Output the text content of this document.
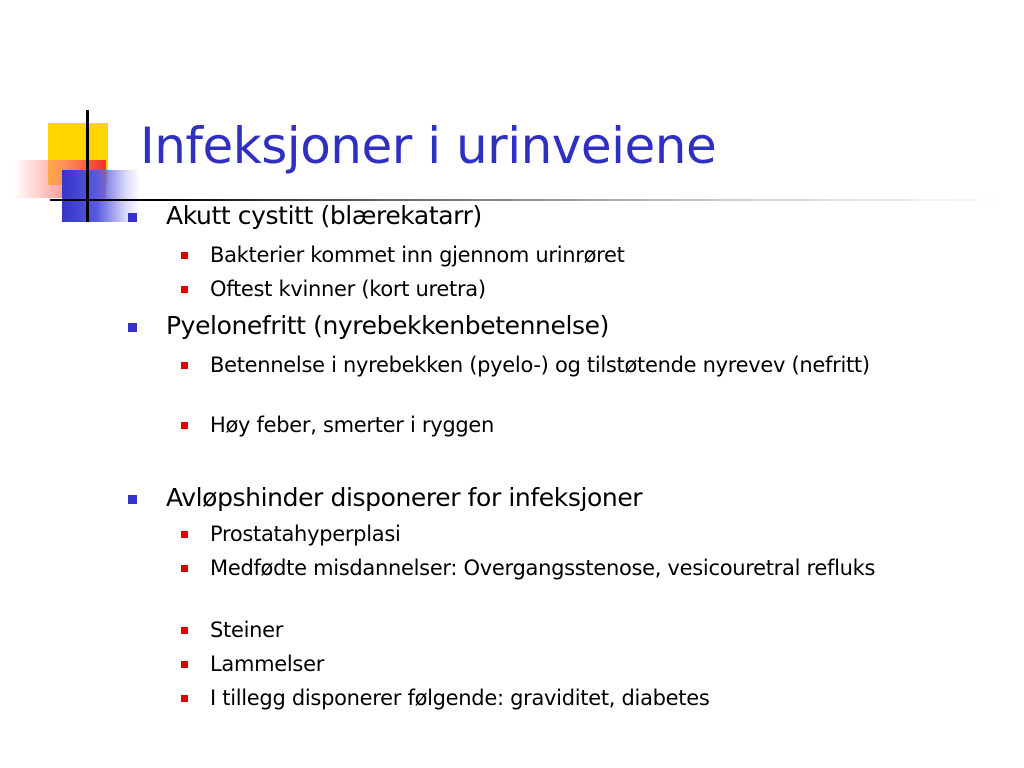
Infeksjoner i urinveiene
Akutt cystitt (blærekatarr)
Bakterier kommet inn gjennom urinrøret
Oftest kvinner (kort uretra)
Pyelonefritt (nyrebekkenbetennelse)
Betennelse i nyrebekken (pyelo-) og tilstøtende nyrevev (nefritt)
Høy feber, smerter i ryggen
Avløpshinder disponerer for infeksjoner
Prostatahyperplasi
Medfødte misdannelser: Overgangsstenose, vesicouretral refluks
Steiner
Lammelser
I tillegg disponerer følgende: graviditet, diabetes
